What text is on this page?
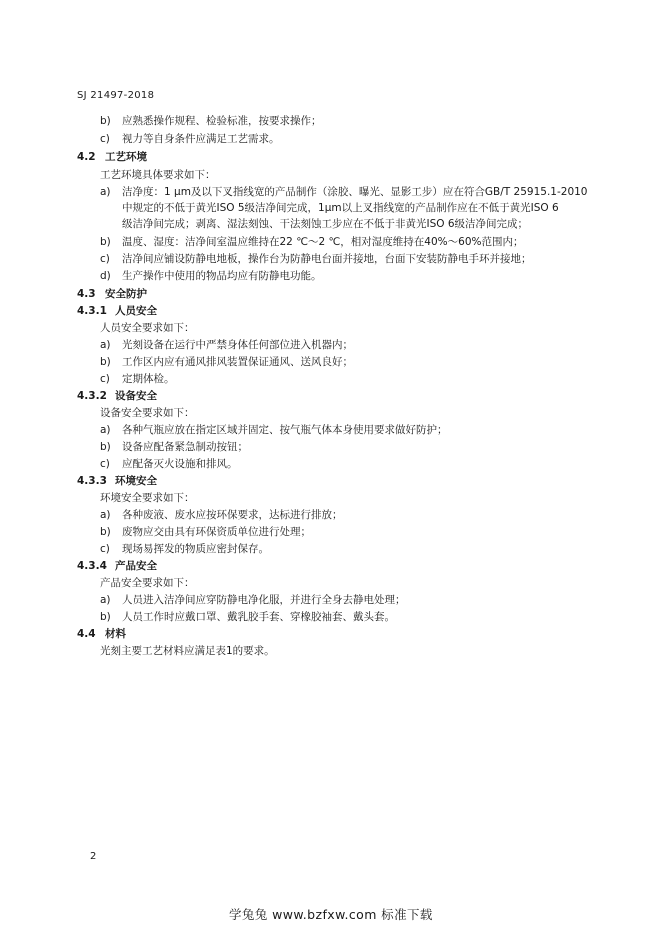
SJ 21497-2018
b) 应熟悉操作规程、检验标准，按要求操作；
c) 视力等自身条件应满足工艺需求。
4.2 工艺环境
工艺环境具体要求如下：
a) 洁净度：1 μm及以下叉指线宽的产品制作（涂胶、曝光、显影工步）应在符合GB/T 25915.1-2010
中规定的不低于黄光ISO 5级洁净间完成，1μm以上叉指线宽的产品制作应在不低于黄光ISO 6
级洁净间完成；剥离、湿法刻蚀、干法刻蚀工步应在不低于非黄光ISO 6级洁净间完成；
b) 温度、湿度：洁净间室温应维持在22 ℃～2 ℃，相对湿度维持在40%～60%范围内；
c) 洁净间应铺设防静电地板，操作台为防静电台面并接地，台面下安装防静电手环并接地；
d) 生产操作中使用的物品均应有防静电功能。
4.3 安全防护
4.3.1 人员安全
人员安全要求如下：
a) 光刻设备在运行中严禁身体任何部位进入机器内；
b) 工作区内应有通风排风装置保证通风、送风良好；
c) 定期体检。
4.3.2 设备安全
设备安全要求如下：
a) 各种气瓶应放在指定区域并固定、按气瓶气体本身使用要求做好防护；
b) 设备应配备紧急制动按钮；
c) 应配备灭火设施和排风。
4.3.3 环境安全
环境安全要求如下：
a) 各种废液、废水应按环保要求，达标进行排放；
b) 废物应交由具有环保资质单位进行处理；
c) 现场易挥发的物质应密封保存。
4.3.4 产品安全
产品安全要求如下：
a) 人员进入洁净间应穿防静电净化服，并进行全身去静电处理；
b) 人员工作时应戴口罩、戴乳胶手套、穿橡胶袖套、戴头套。
4.4 材料
光刻主要工艺材料应满足表1的要求。
2
学兔兔 www.bzfxw.com 标准下载
